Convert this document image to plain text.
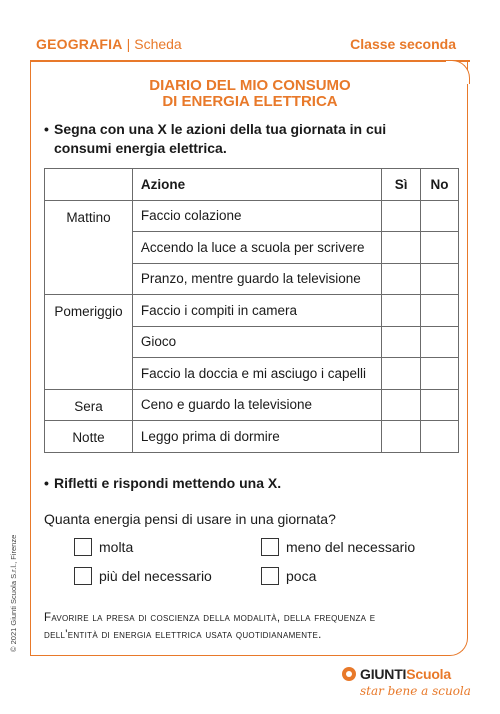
GEOGRAFIA | Scheda	Classe seconda
DIARIO DEL MIO CONSUMO
DI ENERGIA ELETTRICA
• Segna con una X le azioni della tua giornata in cui
consumi energia elettrica.
	Azione	Sì	No
Mattino	Faccio colazione		
	Accendo la luce a scuola per scrivere		
	Pranzo, mentre guardo la televisione		
Pomeriggio	Faccio i compiti in camera		
	Gioco		
	Faccio la doccia e mi asciugo i capelli		
Sera	Ceno e guardo la televisione		
Notte	Leggo prima di dormire		
• Rifletti e rispondi mettendo una X.
Quanta energia pensi di usare in una giornata?
molta	meno del necessario
più del necessario	poca
Favorire la presa di coscienza della modalità, della frequenza e
dell'entità di energia elettrica usata quotidianamente.
© 2021 Giunti Scuola S.r.l., Firenze
GIUNTI Scuola
star bene a scuola
